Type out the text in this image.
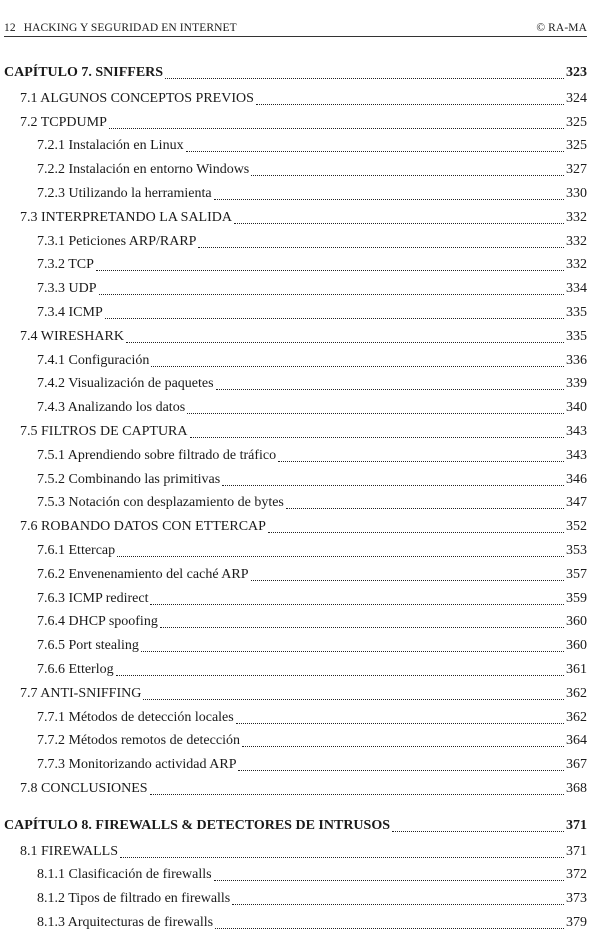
12 HACKING Y SEGURIDAD EN INTERNET	© RA-MA
CAPÍTULO 7. SNIFFERS	323
7.1 ALGUNOS CONCEPTOS PREVIOS	324
7.2 TCPDUMP	325
7.2.1 Instalación en Linux	325
7.2.2 Instalación en entorno Windows	327
7.2.3 Utilizando la herramienta	330
7.3 INTERPRETANDO LA SALIDA	332
7.3.1 Peticiones ARP/RARP	332
7.3.2 TCP	332
7.3.3 UDP	334
7.3.4 ICMP	335
7.4 WIRESHARK	335
7.4.1 Configuración	336
7.4.2 Visualización de paquetes	339
7.4.3 Analizando los datos	340
7.5 FILTROS DE CAPTURA	343
7.5.1 Aprendiendo sobre filtrado de tráfico	343
7.5.2 Combinando las primitivas	346
7.5.3 Notación con desplazamiento de bytes	347
7.6 ROBANDO DATOS CON ETTERCAP	352
7.6.1 Ettercap	353
7.6.2 Envenenamiento del caché ARP	357
7.6.3 ICMP redirect	359
7.6.4 DHCP spoofing	360
7.6.5 Port stealing	360
7.6.6 Etterlog	361
7.7 ANTI-SNIFFING	362
7.7.1 Métodos de detección locales	362
7.7.2 Métodos remotos de detección	364
7.7.3 Monitorizando actividad ARP	367
7.8 CONCLUSIONES	368
CAPÍTULO 8. FIREWALLS & DETECTORES DE INTRUSOS	371
8.1 FIREWALLS	371
8.1.1 Clasificación de firewalls	372
8.1.2 Tipos de filtrado en firewalls	373
8.1.3 Arquitecturas de firewalls	379
